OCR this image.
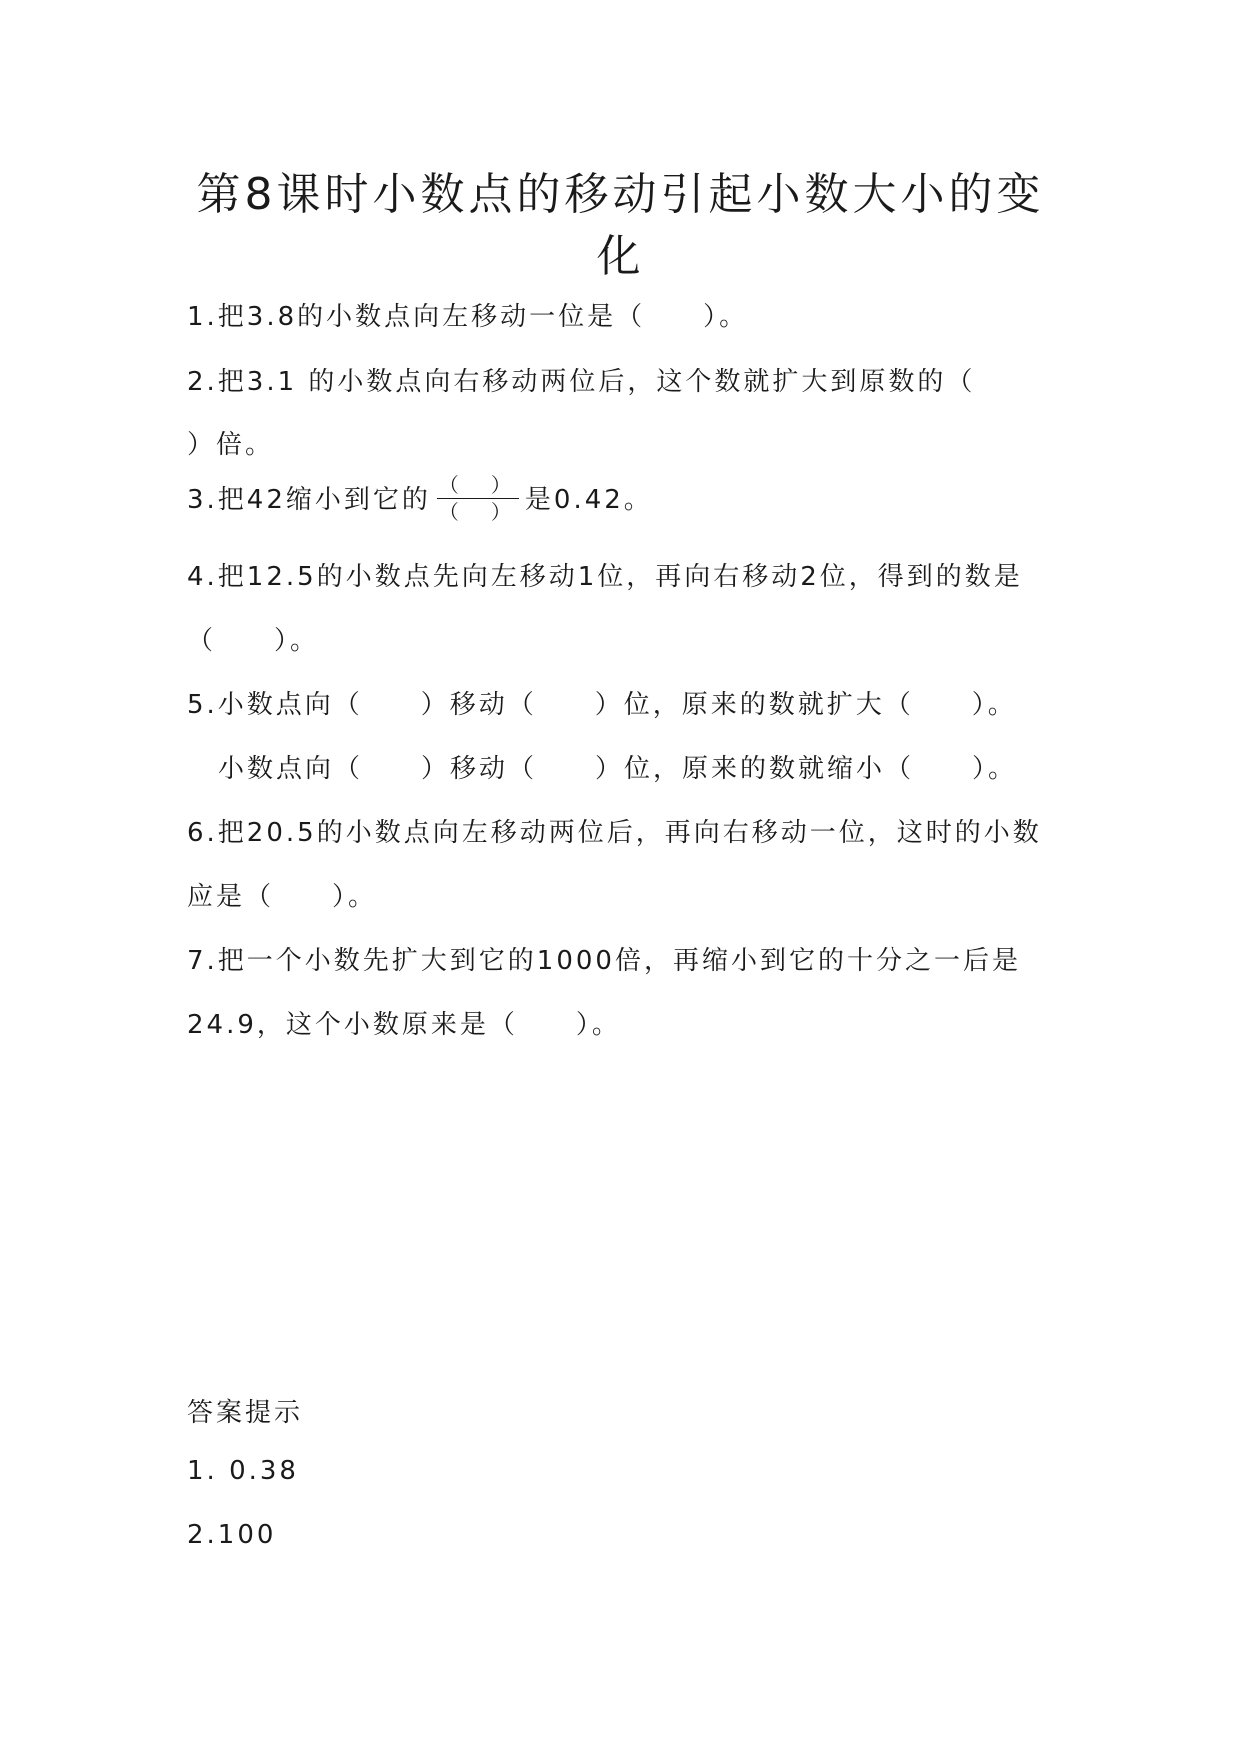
第8课时小数点的移动引起小数大小的变
化

1.把3.8的小数点向左移动一位是（　　）。

2.把3.1 的小数点向右移动两位后，这个数就扩大到原数的（

）倍。

3.把42缩小到它的 $\frac{( )}{( )}$ 是0.42。

4.把12.5的小数点先向左移动1位，再向右移动2位，得到的数是

（　　）。

5.小数点向（　　）移动（　　）位，原来的数就扩大（　　）。

小数点向（　　）移动（　　）位，原来的数就缩小（　　）。

6.把20.5的小数点向左移动两位后，再向右移动一位，这时的小数

应是（　　）。

7.把一个小数先扩大到它的1000倍，再缩小到它的十分之一后是

24.9，这个小数原来是（　　）。

答案提示

1. 0.38

2.100
